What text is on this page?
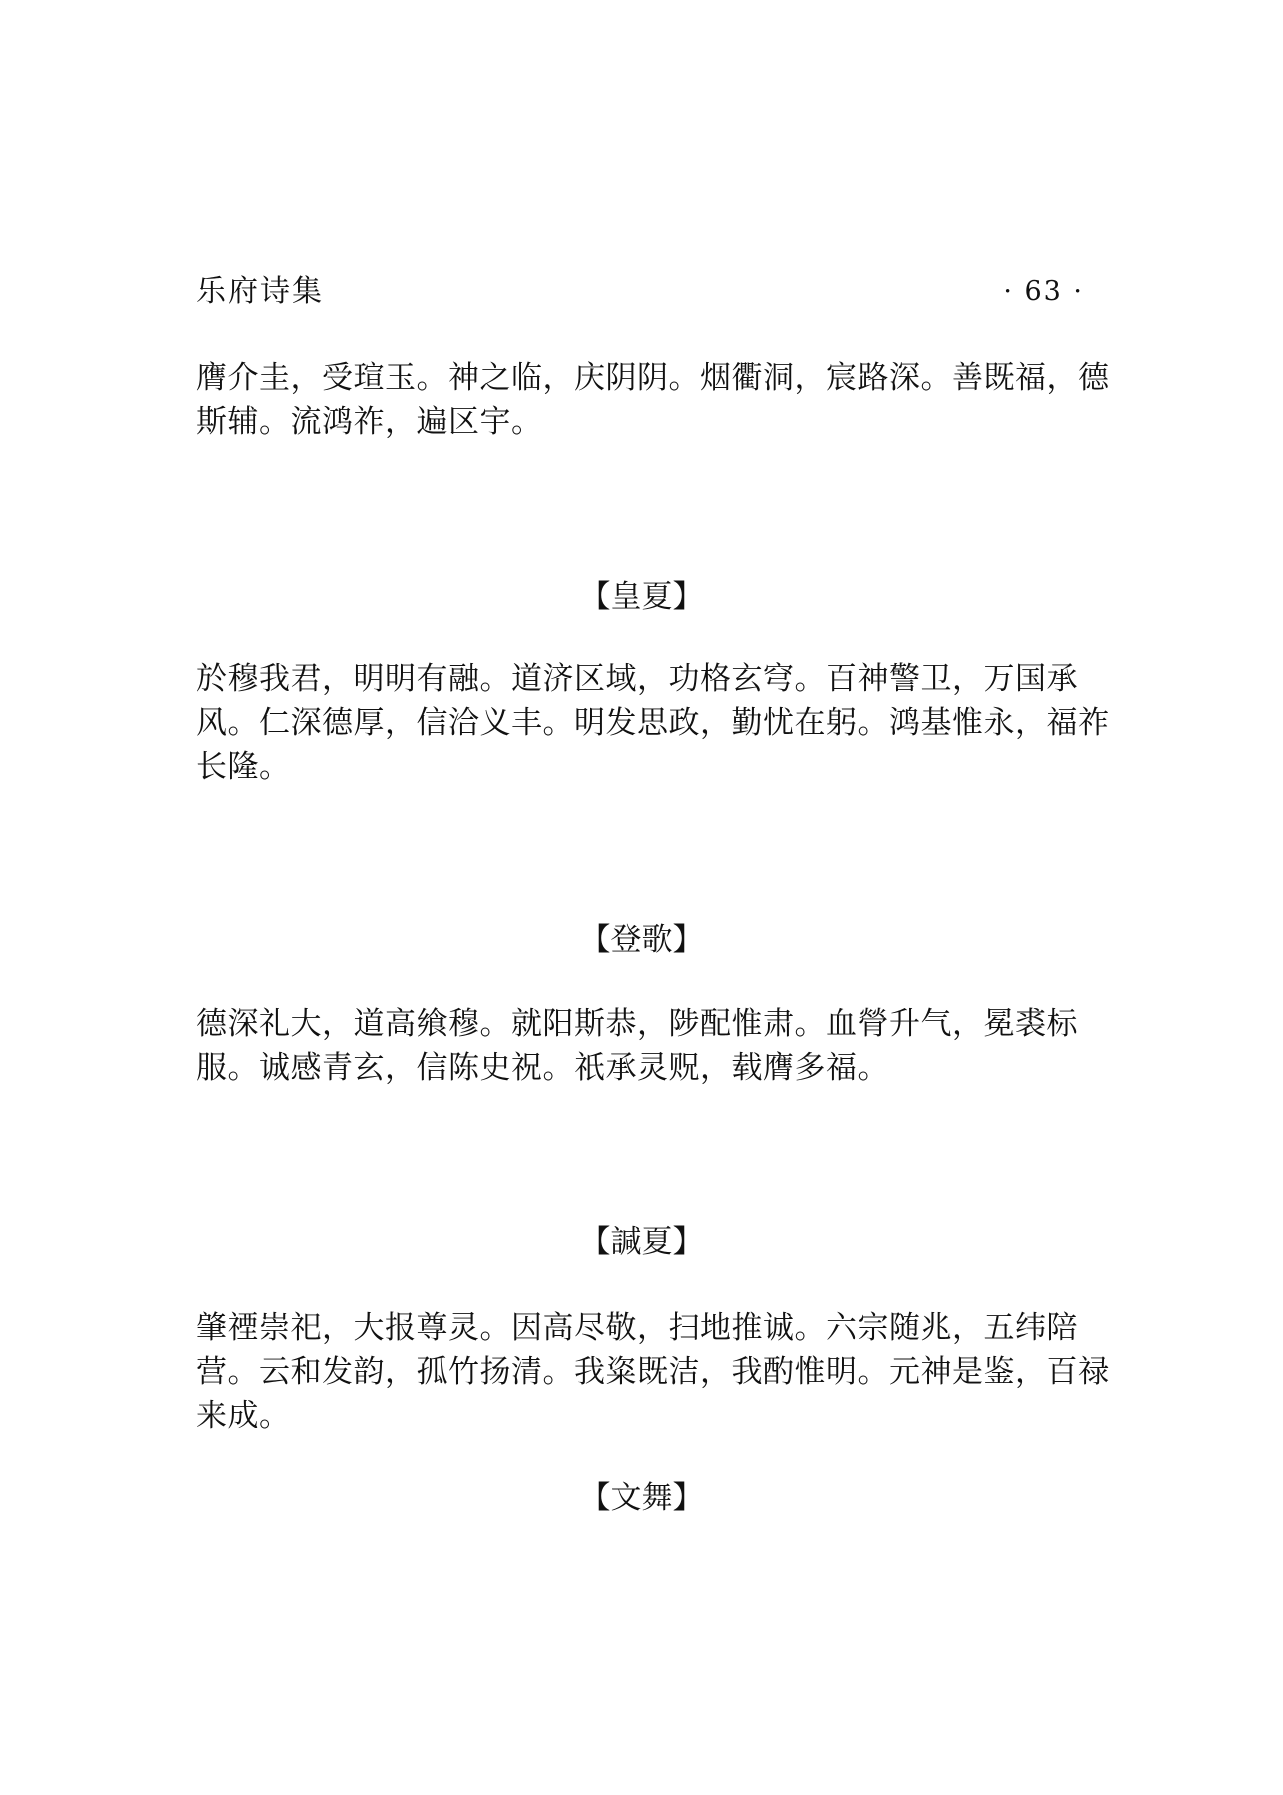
乐府诗集	· 63 ·

膺介圭，受瑄玉。神之临，庆阴阴。烟衢洞，宸路深。善既福，德斯辅。流鸿祚，遍区宇。

【皇夏】

於穆我君，明明有融。道济区域，功格玄穹。百神警卫，万国承风。仁深德厚，信洽义丰。明发思政，勤忧在躬。鸿基惟永，福祚长隆。

【登歌】

德深礼大，道高飨穆。就阳斯恭，陟配惟肃。血膋升气，冕裘标服。诚感青玄，信陈史祝。祇承灵贶，载膺多福。

【諴夏】

肇禋崇祀，大报尊灵。因高尽敬，扫地推诚。六宗随兆，五纬陪营。云和发韵，孤竹扬清。我粢既洁，我酌惟明。元神是鉴，百禄来成。

【文舞】
